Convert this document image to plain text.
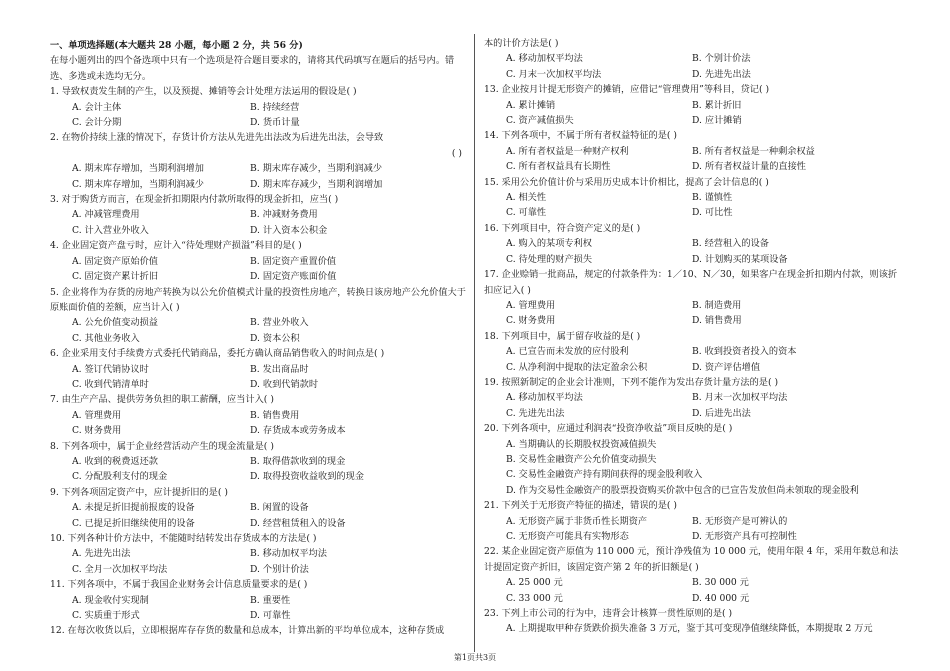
一、单项选择题(本大题共 28 小题，每小题 2 分，共 56 分)
在每小题列出的四个备选项中只有一个选项是符合题目要求的，请将其代码填写在题后的括号内。错选、多选或未选均无分。
1. 导致权责发生制的产生，以及预提、摊销等会计处理方法运用的假设是( )
A. 会计主体	B. 持续经营
C. 会计分期	D. 货币计量
2. 在物价持续上涨的情况下，存货计价方法从先进先出法改为后进先出法，会导致
( )
A. 期末库存增加，当期利润增加	B. 期末库存减少，当期利润减少
C. 期末库存增加，当期利润减少	D. 期末库存减少，当期利润增加
3. 对于购货方而言，在现金折扣期限内付款所取得的现金折扣，应当( )
A. 冲减管理费用	B. 冲减财务费用
C. 计入营业外收入	D. 计入资本公积金
4. 企业固定资产盘亏时，应计入“待处理财产损溢”科目的是( )
A. 固定资产原始价值	B. 固定资产重置价值
C. 固定资产累计折旧	D. 固定资产账面价值
5. 企业将作为存货的房地产转换为以公允价值模式计量的投资性房地产，转换日该房地产公允价值大于原账面价值的差额，应当计入( )
A. 公允价值变动损益	B. 营业外收入
C. 其他业务收入	D. 资本公积
6. 企业采用支付手续费方式委托代销商品，委托方确认商品销售收入的时间点是( )
A. 签订代销协议时	B. 发出商品时
C. 收到代销清单时	D. 收到代销款时
7. 由生产产品、提供劳务负担的职工薪酬，应当计入( )
A. 管理费用	B. 销售费用
C. 财务费用	D. 存货成本或劳务成本
8. 下列各项中，属于企业经营活动产生的现金流量是( )
A. 收到的税费返还款	B. 取得借款收到的现金
C. 分配股利支付的现金	D. 取得投资收益收到的现金
9. 下列各项固定资产中，应计提折旧的是( )
A. 未提足折旧提前报废的设备	B. 闲置的设备
C. 已提足折旧继续使用的设备	D. 经营租赁租入的设备
10. 下列各种计价方法中，不能随时结转发出存货成本的方法是( )
A. 先进先出法	B. 移动加权平均法
C. 全月一次加权平均法	D. 个别计价法
11. 下列各项中，不属于我国企业财务会计信息质量要求的是( )
A. 现金收付实现制	B. 重要性
C. 实质重于形式	D. 可靠性
12. 在每次收货以后，立即根据库存存货的数量和总成本，计算出新的平均单位成本，这种存货成
本的计价方法是( )
A. 移动加权平均法	B. 个别计价法
C. 月末一次加权平均法	D. 先进先出法
13. 企业按月计提无形资产的摊销，应借记“管理费用”等科目，贷记( )
A. 累计摊销	B. 累计折旧
C. 资产减值损失	D. 应计摊销
14. 下列各项中，不属于所有者权益特征的是( )
A. 所有者权益是一种财产权利	B. 所有者权益是一种剩余权益
C. 所有者权益具有长期性	D. 所有者权益计量的直接性
15. 采用公允价值计价与采用历史成本计价相比，提高了会计信息的( )
A. 相关性	B. 谨慎性
C. 可靠性	D. 可比性
16. 下列项目中，符合资产定义的是( )
A. 购入的某项专利权	B. 经营租入的设备
C. 待处理的财产损失	D. 计划购买的某项设备
17. 企业赊销一批商品，规定的付款条件为：1／10、N／30，如果客户在现金折扣期内付款，则该折扣应记入( )
A. 管理费用	B. 制造费用
C. 财务费用	D. 销售费用
18. 下列项目中，属于留存收益的是( )
A. 已宣告而未发放的应付股利	B. 收到投资者投入的资本
C. 从净利润中提取的法定盈余公积	D. 资产评估增值
19. 按照新制定的企业会计准则，下列不能作为发出存货计量方法的是( )
A. 移动加权平均法	B. 月末一次加权平均法
C. 先进先出法	D. 后进先出法
20. 下列各项中，应通过利润表“投资净收益”项目反映的是( )
A. 当期确认的长期股权投资减值损失
B. 交易性金融资产公允价值变动损失
C. 交易性金融资产持有期间获得的现金股利收入
D. 作为交易性金融资产的股票投资购买价款中包含的已宣告发放但尚未领取的现金股利
21. 下列关于无形资产特征的描述，错误的是( )
A. 无形资产属于非货币性长期资产	B. 无形资产是可辨认的
C. 无形资产可能具有实物形态	D. 无形资产具有可控制性
22. 某企业固定资产原值为 110 000 元，预计净残值为 10 000 元，使用年限 4 年，采用年数总和法计提固定资产折旧，该固定资产第 2 年的折旧额是( )
A. 25 000 元	B. 30 000 元
C. 33 000 元	D. 40 000 元
23. 下列上市公司的行为中，违背会计核算一贯性原则的是( )
A. 上期提取甲种存货跌价损失准备 3 万元，鉴于其可变现净值继续降低，本期提取 2 万元
第1页共3页
